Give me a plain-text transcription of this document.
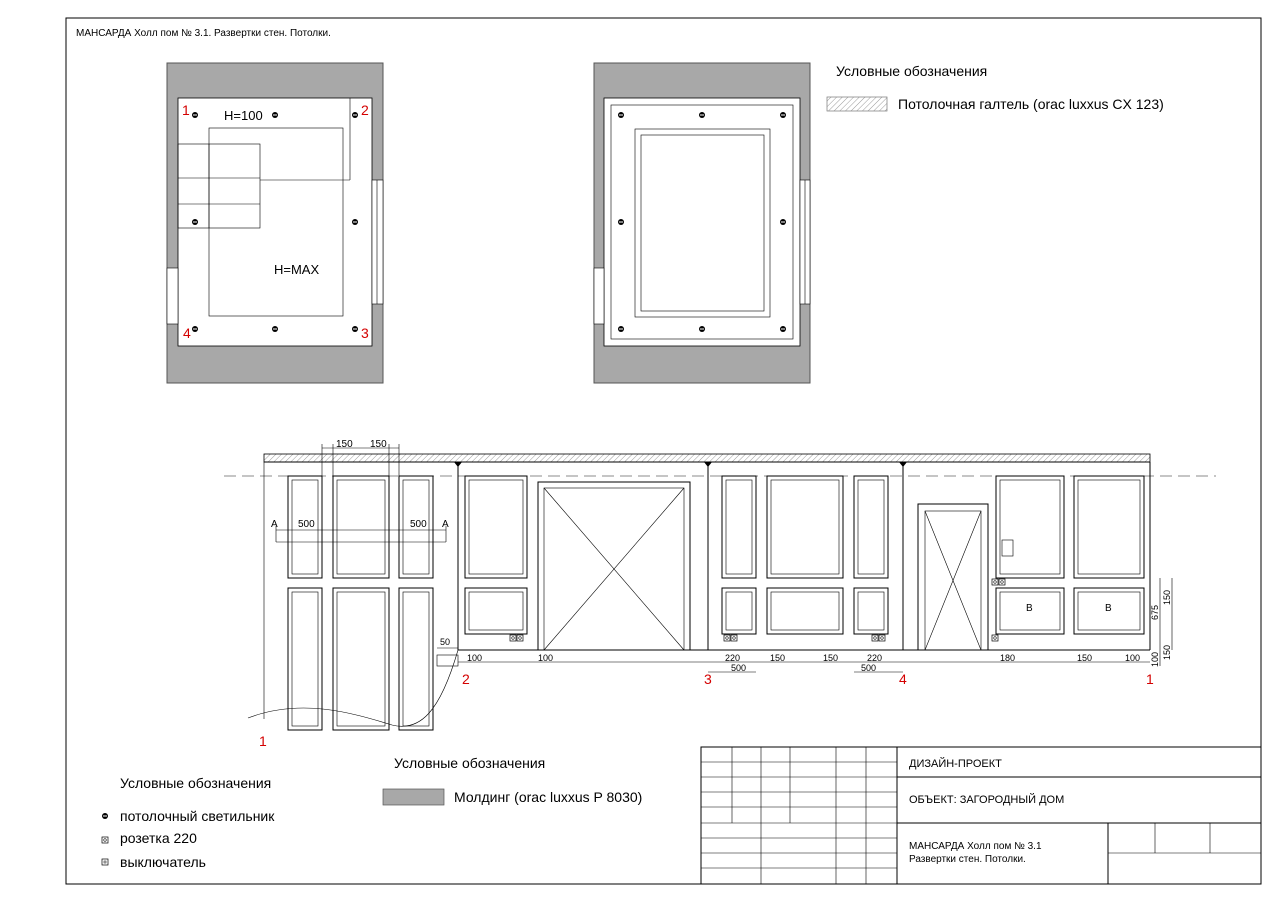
МАНСАРДА Холл пом № 3.1. Развертки стен. Потолки.
H=100
H=MAX
1	2
3
4
Условные обозначения
Потолочная галтель (orac luxxus CX 123)
150 150
500	500
А	А
В	В
50
100	100	220	150	150	220
500	500
180	150	100
150
675
150
100
1
2	3	4	1
Условные обозначения
потолочный светильник
розетка 220
выключатель
Условные обозначения
Молдинг (orac luxxus P 8030)
ДИЗАЙН-ПРОЕКТ
ОБЪЕКТ: ЗАГОРОДНЫЙ ДОМ
МАНСАРДА Холл пом № 3.1
Развертки стен. Потолки.
